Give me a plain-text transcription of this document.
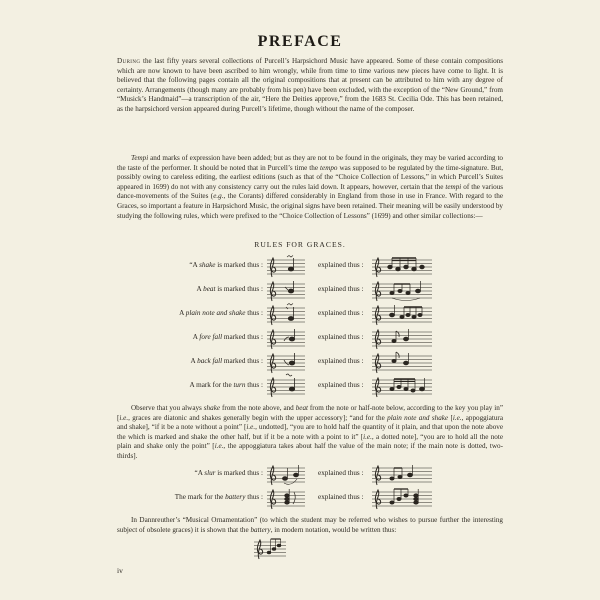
PREFACE

During the last fifty years several collections of Purcell’s Harpsichord Music have appeared. Some of these contain compositions which are now known to have been ascribed to him wrongly, while from time to time various new pieces have come to light. It is believed that the following pages contain all the original compositions that at present can be attributed to him with any degree of certainty. Arrangements (though many are probably from his pen) have been excluded, with the exception of the “New Ground,” from “Musick’s Handmaid”—a transcription of the air, “Here the Deities approve,” from the 1683 St. Cecilia Ode. This has been retained, as the harpsichord version appeared during Purcell’s lifetime, though without the name of the composer.

Tempi and marks of expression have been added; but as they are not to be found in the originals, they may be varied according to the taste of the performer. It should be noted that in Purcell’s time the tempo was supposed to be regulated by the time-signature. But, possibly owing to careless editing, the earliest editions (such as that of the “Choice Collection of Lessons,” in which Purcell’s Suites appeared in 1699) do not with any consistency carry out the rules laid down. It appears, however, certain that the tempi of the various dance-movements of the Suites (e.g., the Corants) differed considerably in England from those in use in France. With regard to the Graces, so important a feature in Harpsichord Music, the original signs have been retained. Their meaning will be easily understood by studying the following rules, which were prefixed to the “Choice Collection of Lessons” (1699) and other similar collections:—

RULES FOR GRACES.
“A shake is marked thus :	explained thus :
A beat is marked thus :	explained thus :
A plain note and shake thus :	explained thus :
A fore fall marked thus :	explained thus :
A back fall marked thus :	explained thus :
A mark for the turn thus :	explained thus :

Observe that you always shake from the note above, and beat from the note or half-note below, according to the key you play in” [i.e., graces are diatonic and shakes generally begin with the upper accessory]; “and for the plain note and shake [i.e., appoggiatura and shake], “if it be a note without a point” [i.e., undotted], “you are to hold half the quantity of it plain, and that upon the note above the which is marked and shake the other half, but if it be a note with a point to it” [i.e., a dotted note], “you are to hold all the note plain and shake only the point” [i.e., the appoggiatura takes about half the value of the main note; if the main note is dotted, two-thirds].

“A slur is marked thus :	explained thus :
The mark for the battery thus :	explained thus :

In Dannreuther’s “Musical Ornamentation” (to which the student may be referred who wishes to pursue further the interesting subject of obsolete graces) it is shown that the battery, in modern notation, would be written thus:

iv
